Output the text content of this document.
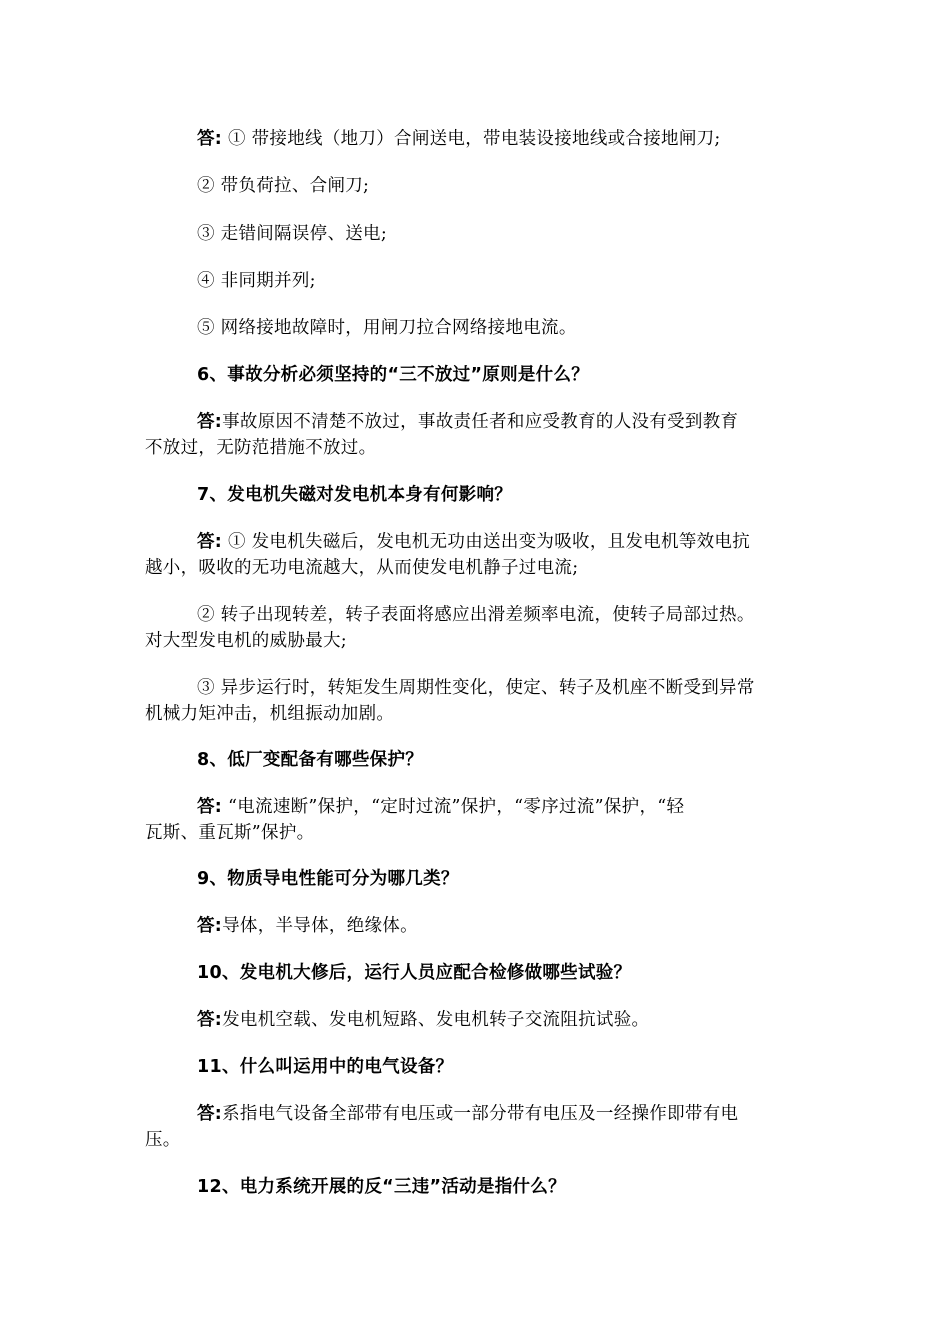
答: ① 带接地线（地刀）合闸送电，带电装设接地线或合接地闸刀;
② 带负荷拉、合闸刀;
③ 走错间隔误停、送电;
④ 非同期并列;
⑤ 网络接地故障时，用闸刀拉合网络接地电流。
6、事故分析必须坚持的“三不放过”原则是什么？
答:事故原因不清楚不放过，事故责任者和应受教育的人没有受到教育
不放过，无防范措施不放过。
7、发电机失磁对发电机本身有何影响？
答: ① 发电机失磁后，发电机无功由送出变为吸收，且发电机等效电抗
越小，吸收的无功电流越大，从而使发电机静子过电流;
② 转子出现转差，转子表面将感应出滑差频率电流，使转子局部过热。
对大型发电机的威胁最大;
③ 异步运行时，转矩发生周期性变化，使定、转子及机座不断受到异常
机械力矩冲击，机组振动加剧。
8、低厂变配备有哪些保护？
答: “电流速断”保护，“定时过流”保护，“零序过流”保护，“轻
瓦斯、重瓦斯”保护。
9、物质导电性能可分为哪几类？
答:导体，半导体，绝缘体。
10、发电机大修后，运行人员应配合检修做哪些试验？
答:发电机空载、发电机短路、发电机转子交流阻抗试验。
11、什么叫运用中的电气设备？
答:系指电气设备全部带有电压或一部分带有电压及一经操作即带有电
压。
12、电力系统开展的反“三违”活动是指什么？
